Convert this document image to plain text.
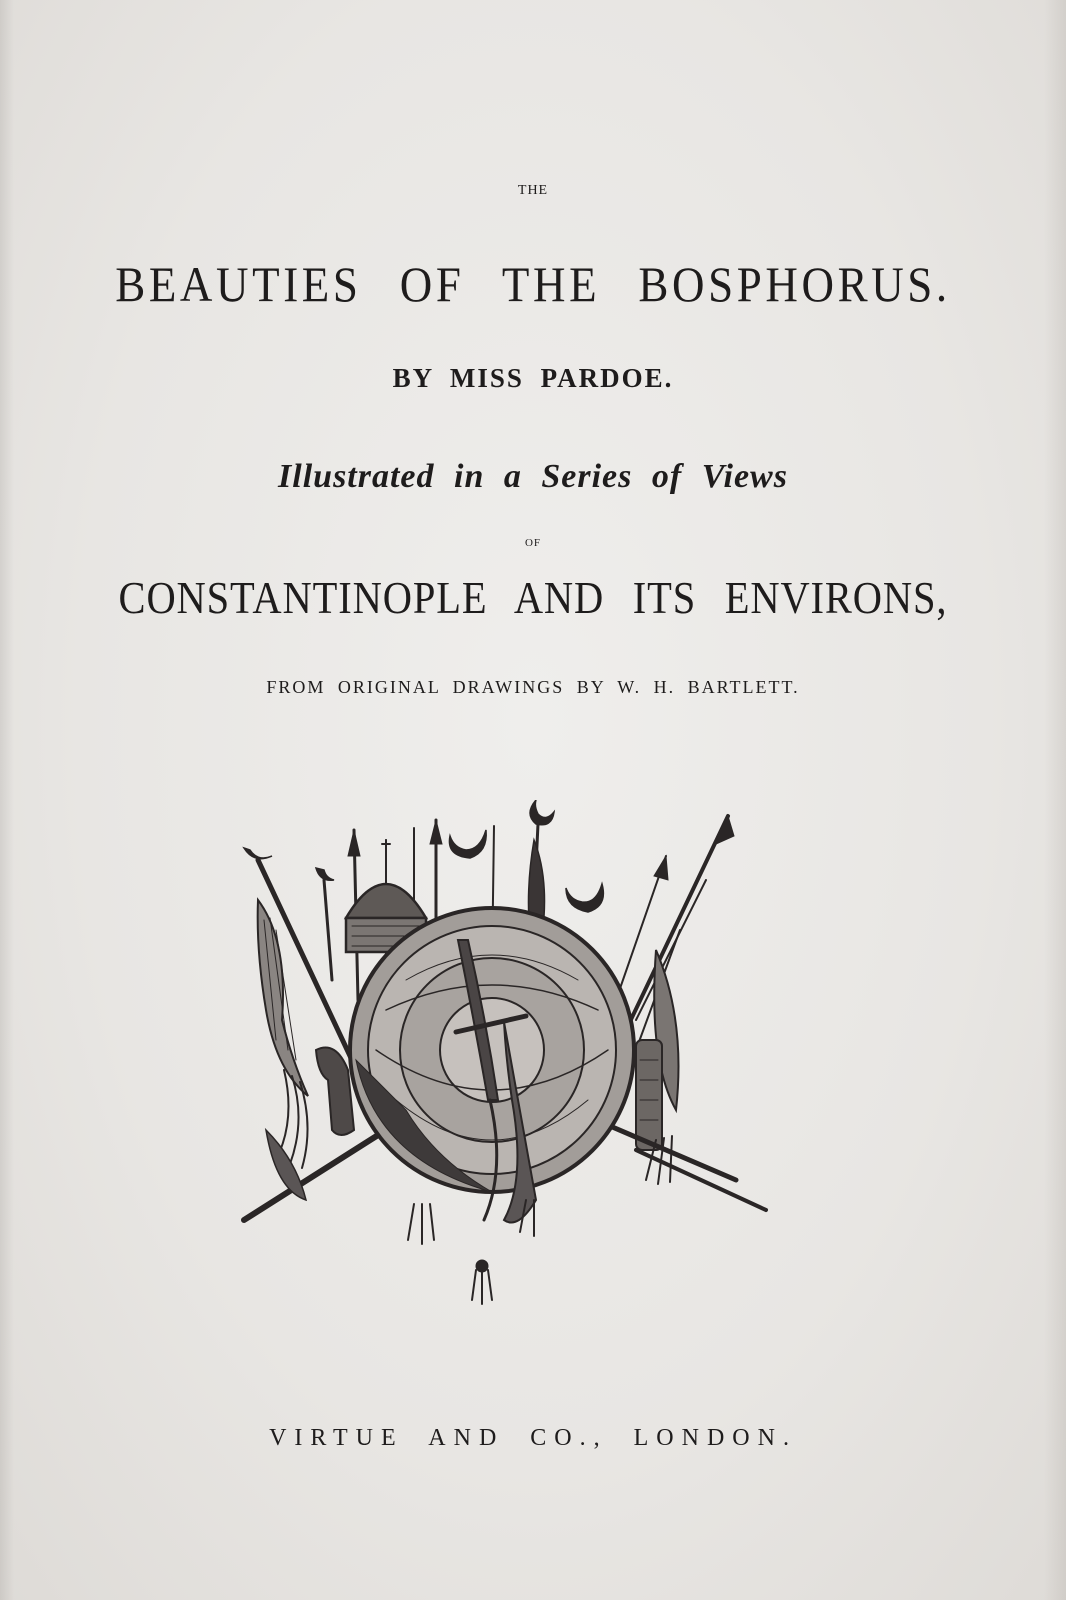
THE
BEAUTIES OF THE BOSPHORUS.
BY MISS PARDOE.
Illustrated in a Series of Views
OF
CONSTANTINOPLE AND ITS ENVIRONS,
FROM ORIGINAL DRAWINGS BY W. H. BARTLETT.
VIRTUE AND CO., LONDON.
